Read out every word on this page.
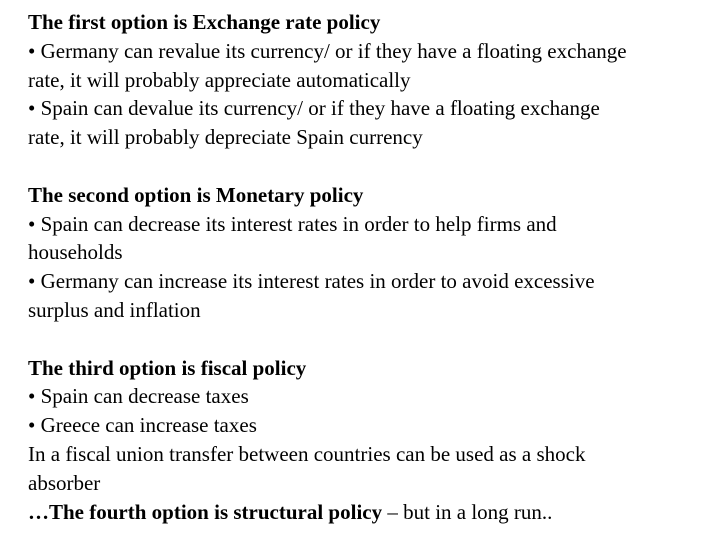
The first option is Exchange rate policy
• Germany can revalue its currency/ or if they have a floating exchange
rate, it will probably appreciate automatically
• Spain can devalue its currency/ or if they have a floating exchange
rate, it will probably depreciate Spain currency
The second option is Monetary policy
• Spain can decrease its interest rates in order to help firms and
households
• Germany can increase its interest rates in order to avoid excessive
surplus and inflation
The third option is fiscal policy
• Spain can decrease taxes
• Greece can increase taxes
In a fiscal union transfer between countries can be used as a shock
absorber
…The fourth option is structural policy – but in a long run..
